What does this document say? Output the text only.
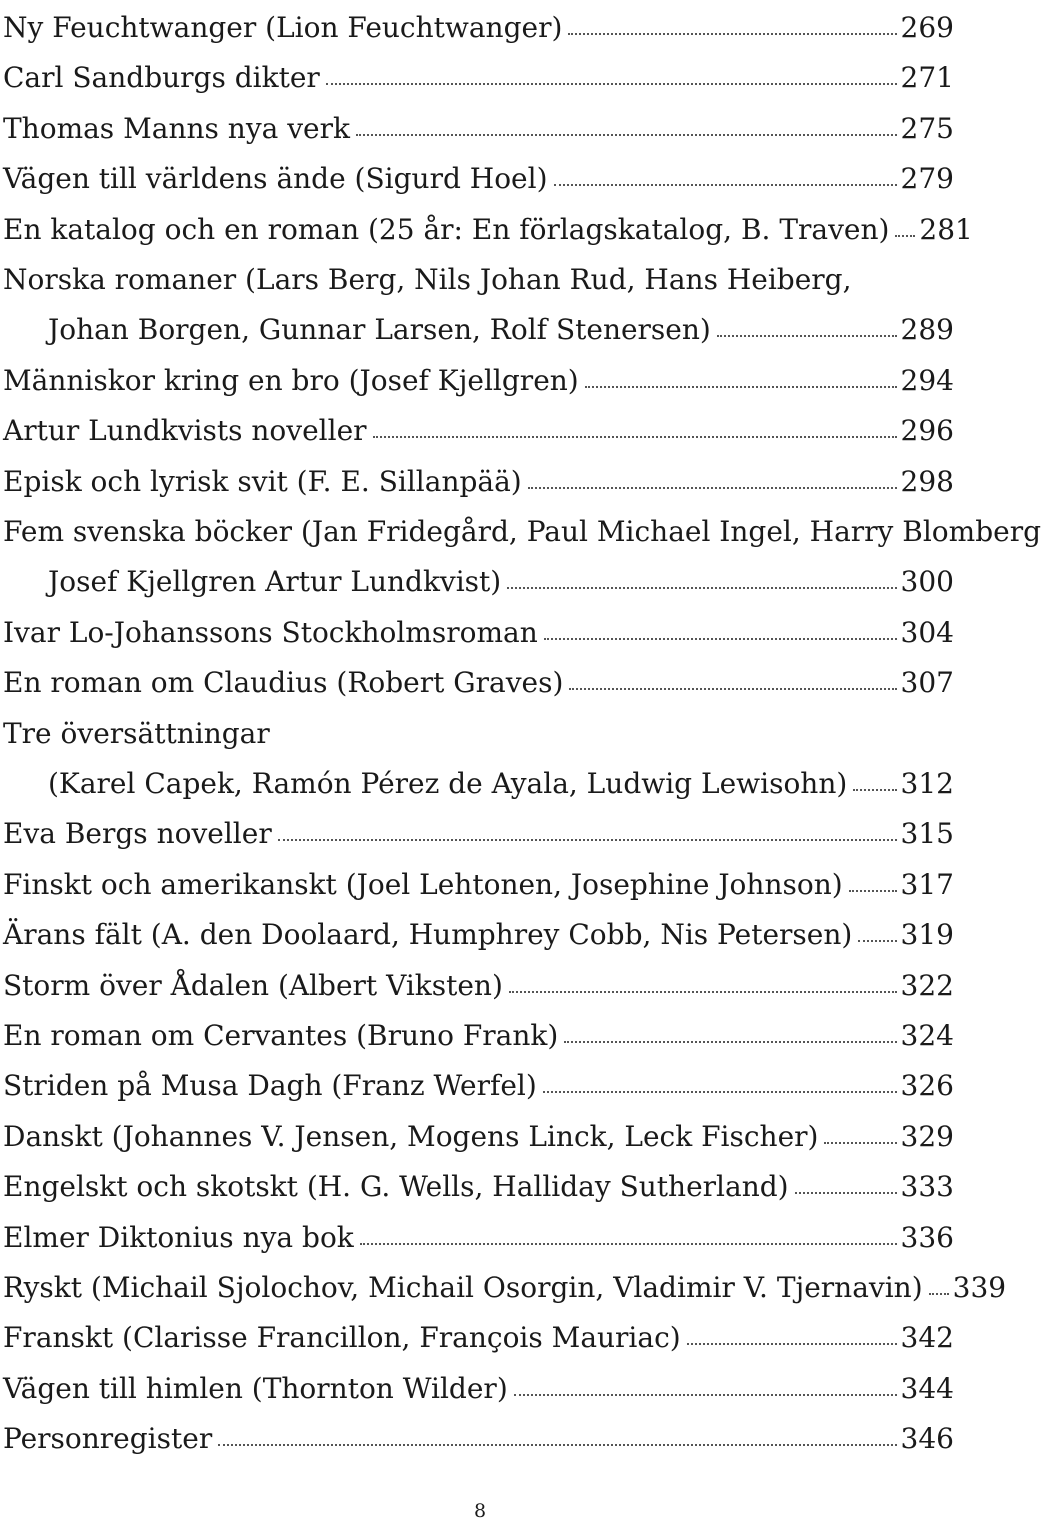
Ny Feuchtwanger (Lion Feuchtwanger)	269
Carl Sandburgs dikter	271
Thomas Manns nya verk	275
Vägen till världens ände (Sigurd Hoel)	279
En katalog och en roman (25 år: En förlagskatalog, B. Traven) 281
Norska romaner (Lars Berg, Nils Johan Rud, Hans Heiberg,
Johan Borgen, Gunnar Larsen, Rolf Stenersen)	289
Människor kring en bro (Josef Kjellgren)	294
Artur Lundkvists noveller	296
Episk och lyrisk svit (F. E. Sillanpää)	298
Fem svenska böcker (Jan Fridegård, Paul Michael Ingel, Harry Blomberg
Josef Kjellgren Artur Lundkvist)	300
Ivar Lo-Johanssons Stockholmsroman	304
En roman om Claudius (Robert Graves)	307
Tre översättningar
(Karel Capek, Ramón Pérez de Ayala, Ludwig Lewisohn) 312
Eva Bergs noveller	315
Finskt och amerikanskt (Joel Lehtonen, Josephine Johnson) 317
Ärans fält (A. den Doolaard, Humphrey Cobb, Nis Petersen) 319
Storm över Ådalen (Albert Viksten)	322
En roman om Cervantes (Bruno Frank)	324
Striden på Musa Dagh (Franz Werfel)	326
Danskt (Johannes V. Jensen, Mogens Linck, Leck Fischer)	329
Engelskt och skotskt (H. G. Wells, Halliday Sutherland)	333
Elmer Diktonius nya bok	336
Ryskt (Michail Sjolochov, Michail Osorgin, Vladimir V. Tjernavin) 339
Franskt (Clarisse Francillon, François Mauriac)	342
Vägen till himlen (Thornton Wilder)	344
Personregister	346
8
